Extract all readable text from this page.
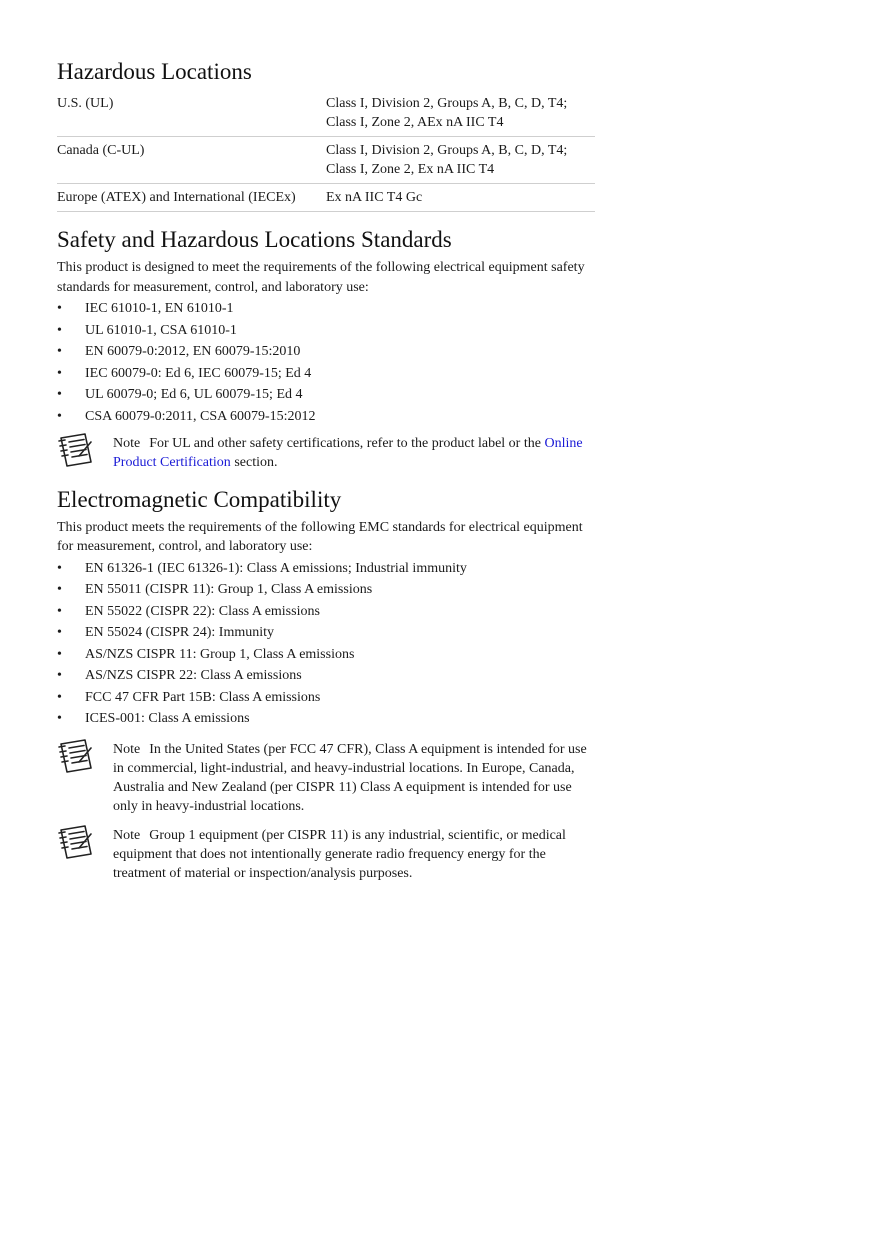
Hazardous Locations
U.S. (UL)	Class I, Division 2, Groups A, B, C, D, T4;
Class I, Zone 2, AEx nA IIC T4

Canada (C-UL)	Class I, Division 2, Groups A, B, C, D, T4;
Class I, Zone 2, Ex nA IIC T4

Europe (ATEX) and International (IECEx)	Ex nA IIC T4 Gc
Safety and Hazardous Locations Standards

This product is designed to meet the requirements of the following electrical equipment safety standards for measurement, control, and laboratory use:

• IEC 61010-1, EN 61010-1
• UL 61010-1, CSA 61010-1
• EN 60079-0:2012, EN 60079-15:2010
• IEC 60079-0: Ed 6, IEC 60079-15; Ed 4
• UL 60079-0; Ed 6, UL 60079-15; Ed 4
• CSA 60079-0:2011, CSA 60079-15:2012
Note For UL and other safety certifications, refer to the product label or the Online Product Certification section.
Electromagnetic Compatibility

This product meets the requirements of the following EMC standards for electrical equipment for measurement, control, and laboratory use:

• EN 61326-1 (IEC 61326-1): Class A emissions; Industrial immunity
• EN 55011 (CISPR 11): Group 1, Class A emissions
• EN 55022 (CISPR 22): Class A emissions
• EN 55024 (CISPR 24): Immunity
• AS/NZS CISPR 11: Group 1, Class A emissions
• AS/NZS CISPR 22: Class A emissions
• FCC 47 CFR Part 15B: Class A emissions
• ICES-001: Class A emissions
Note In the United States (per FCC 47 CFR), Class A equipment is intended for use in commercial, light-industrial, and heavy-industrial locations. In Europe, Canada, Australia and New Zealand (per CISPR 11) Class A equipment is intended for use only in heavy-industrial locations.
Note Group 1 equipment (per CISPR 11) is any industrial, scientific, or medical equipment that does not intentionally generate radio frequency energy for the treatment of material or inspection/analysis purposes.
